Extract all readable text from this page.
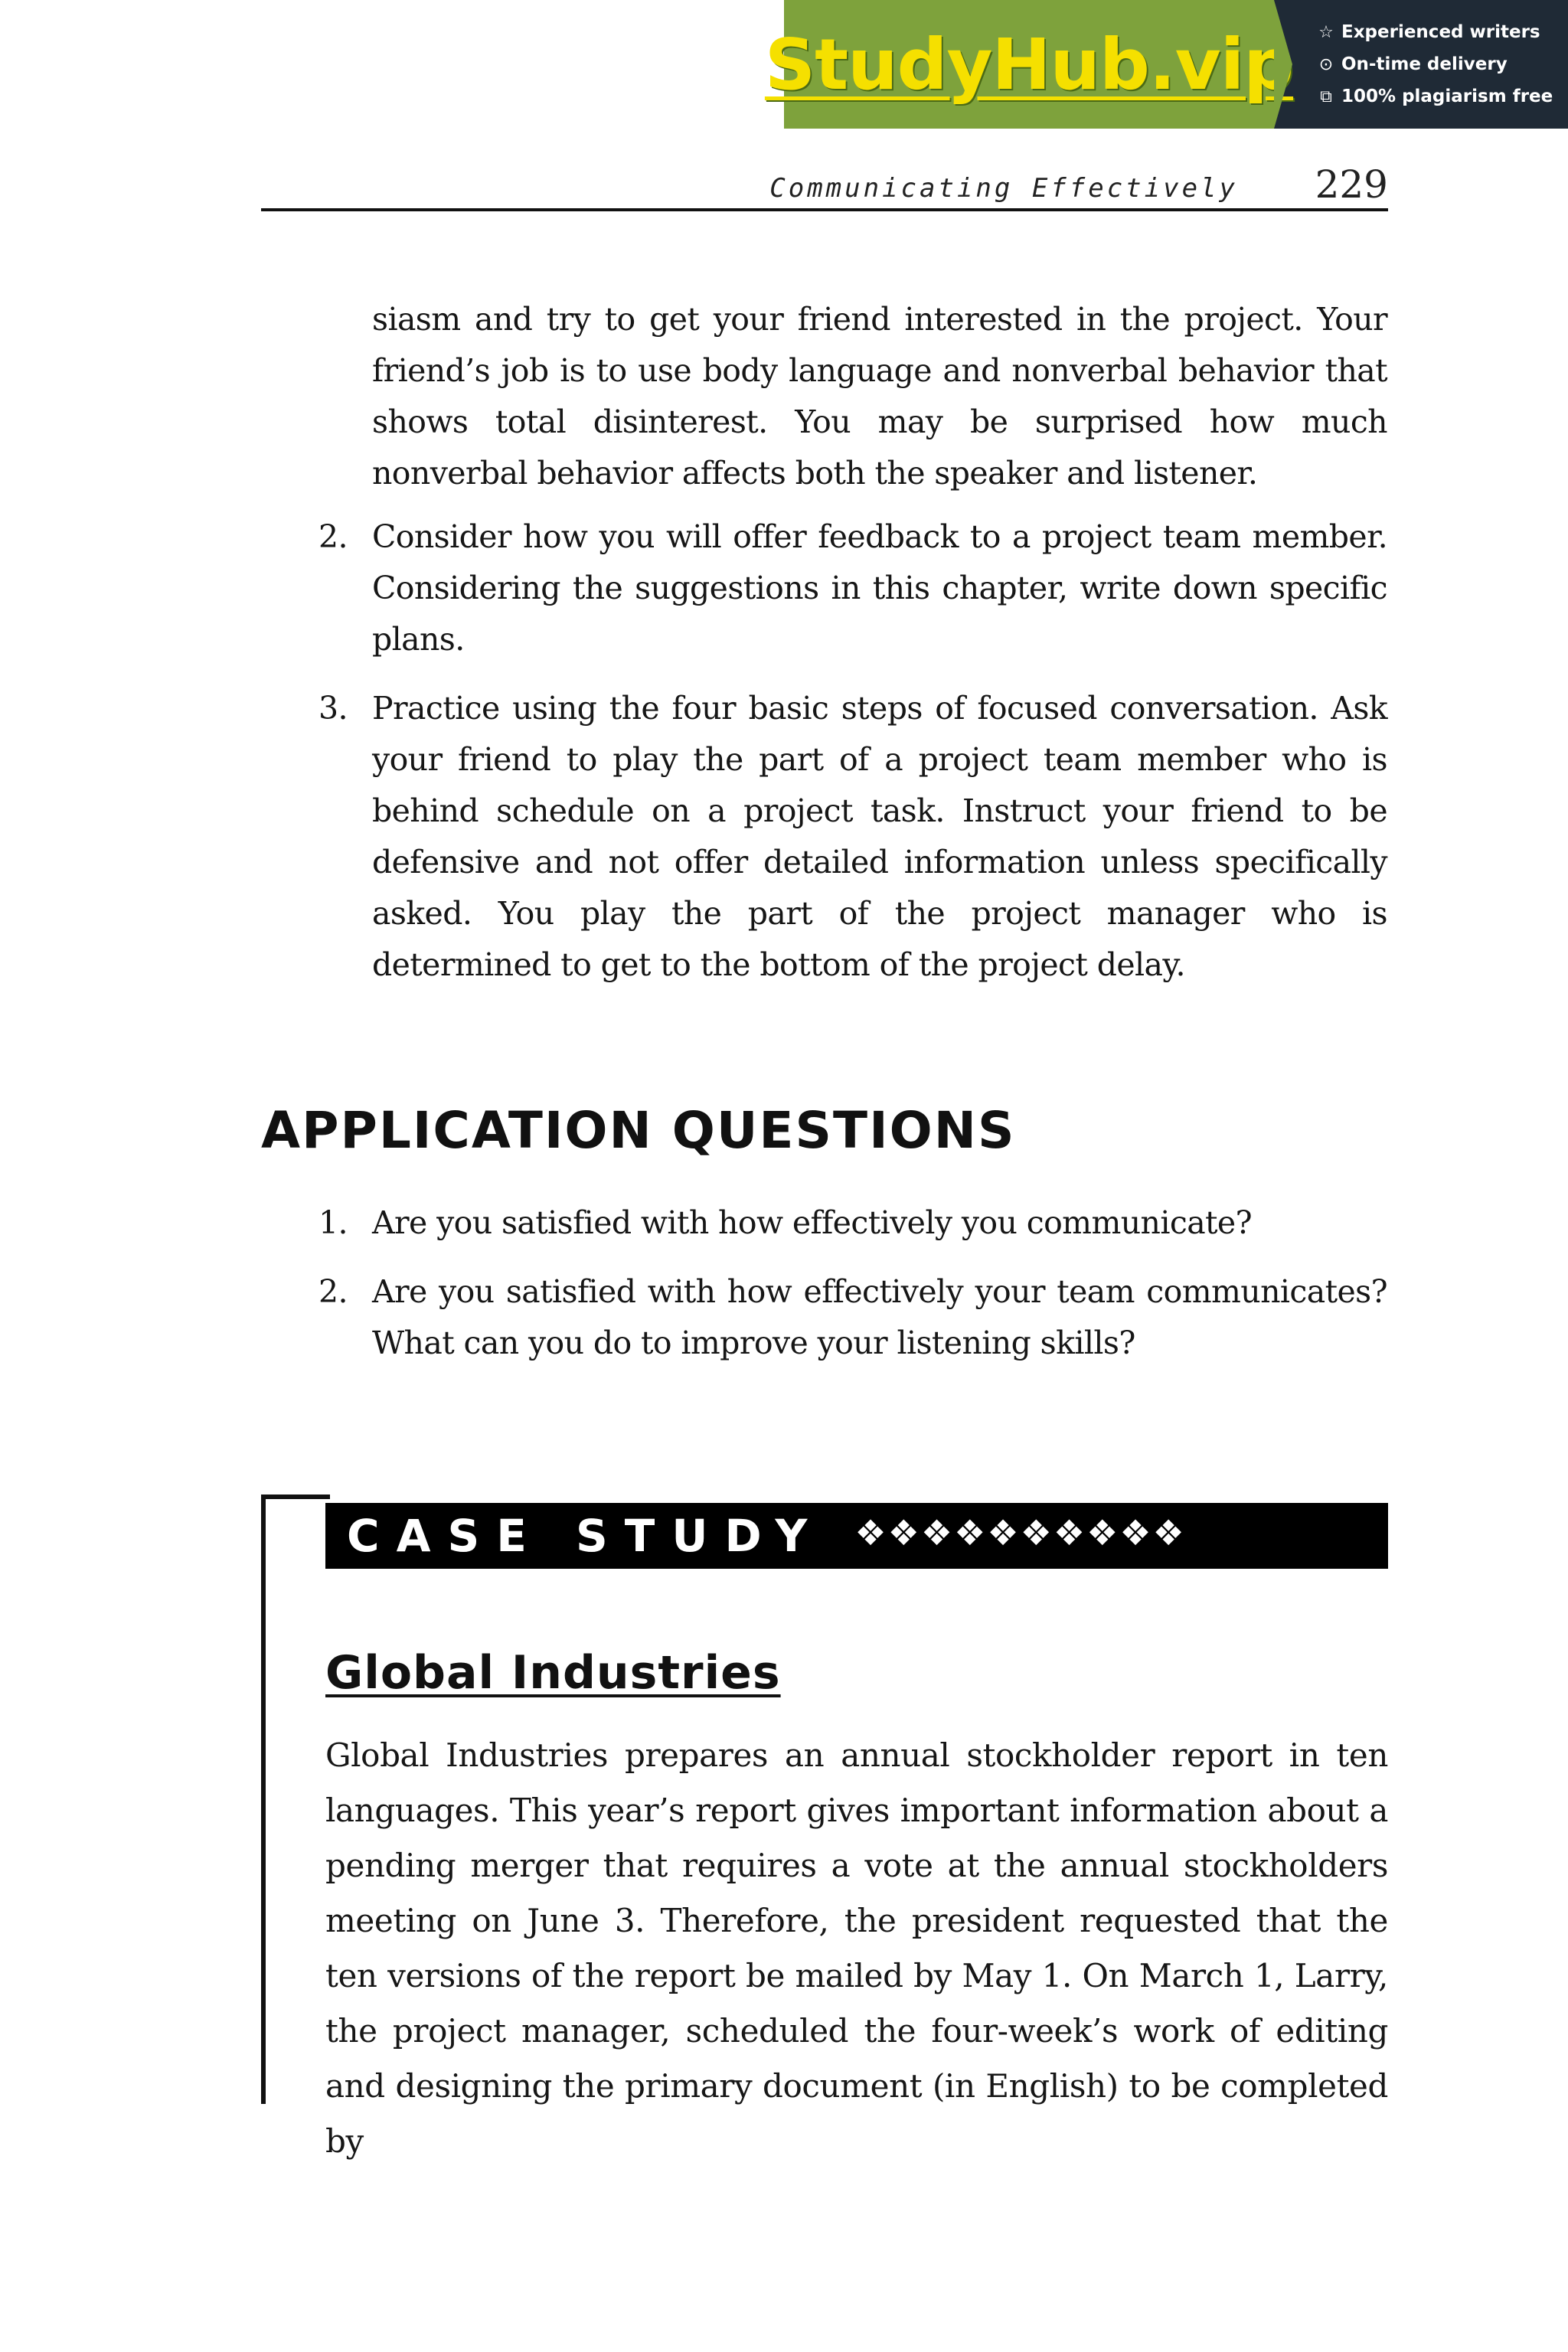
StudyHub.vip ☆ Experienced writers
⊙ On-time delivery
⧉ 100% plagiarism free
Communicating Effectively 229

siasm and try to get your friend interested in the project. Your friend’s job is to use body language and nonverbal behavior that shows total disinterest. You may be surprised how much nonverbal behavior affects both the speaker and listener.

2. Consider how you will offer feedback to a project team member. Considering the suggestions in this chapter, write down specific plans.
3. Practice using the four basic steps of focused conversation. Ask your friend to play the part of a project team member who is behind schedule on a project task. Instruct your friend to be defensive and not offer detailed information unless specifically asked. You play the part of the project manager who is determined to get to the bottom of the project delay.
APPLICATION QUESTIONS
1. Are you satisfied with how effectively you communicate?
2. Are you satisfied with how effectively your team communicates? What can you do to improve your listening skills?
CASE STUDY ❖❖❖❖❖❖❖❖❖❖
Global Industries

Global Industries prepares an annual stockholder report in ten languages. This year’s report gives important information about a pending merger that requires a vote at the annual stockholders meeting on June 3. Therefore, the president requested that the ten versions of the report be mailed by May 1. On March 1, Larry, the project manager, scheduled the four-week’s work of editing and designing the primary document (in English) to be completed by
